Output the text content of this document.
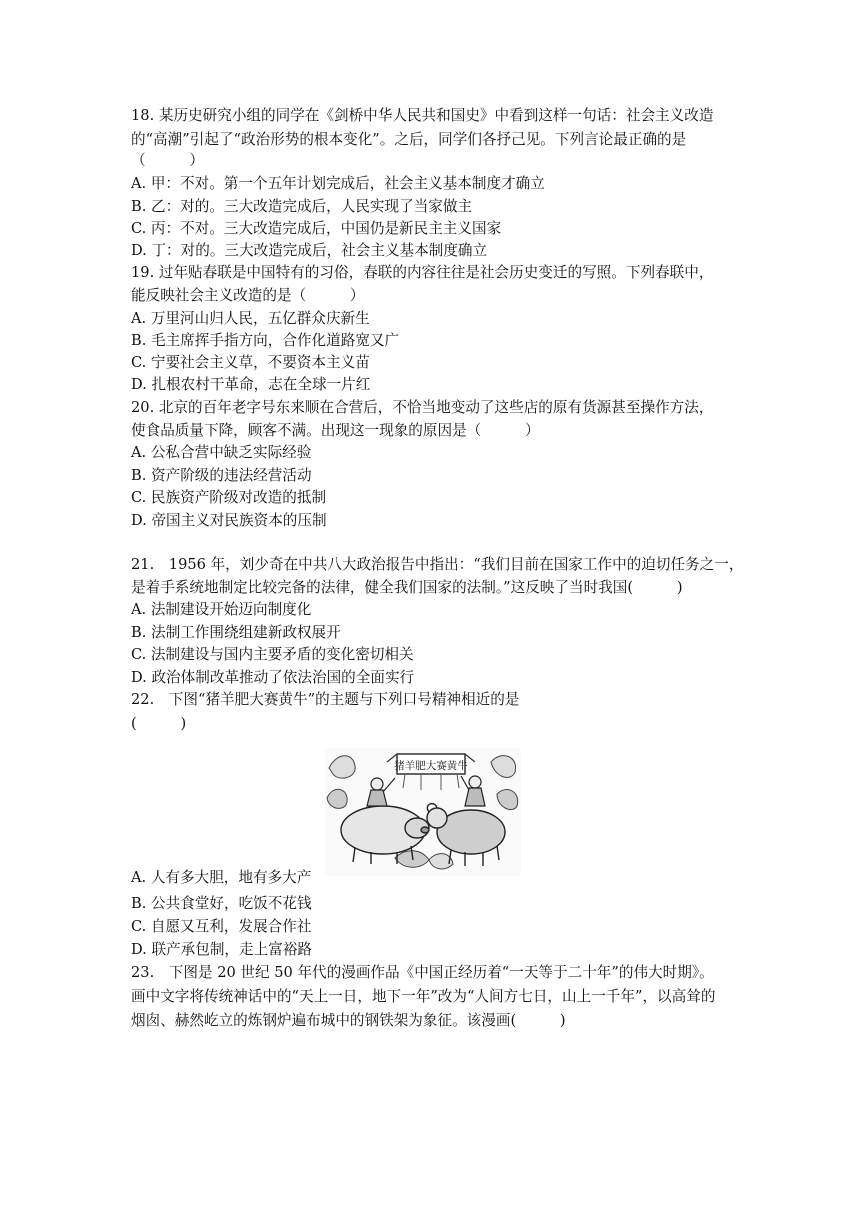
18. 某历史研究小组的同学在《剑桥中华人民共和国史》中看到这样一句话：社会主义改造
的“高潮”引起了“政治形势的根本变化”。之后，同学们各抒己见。下列言论最正确的是
（　　　）
A. 甲：不对。第一个五年计划完成后，社会主义基本制度才确立
B. 乙：对的。三大改造完成后，人民实现了当家做主
C. 丙：不对。三大改造完成后，中国仍是新民主主义国家
D. 丁：对的。三大改造完成后，社会主义基本制度确立
19. 过年贴春联是中国特有的习俗，春联的内容往往是社会历史变迁的写照。下列春联中，
能反映社会主义改造的是（　　　）
A. 万里河山归人民，五亿群众庆新生
B. 毛主席挥手指方向，合作化道路宽又广
C. 宁要社会主义草，不要资本主义苗
D. 扎根农村干革命，志在全球一片红
20. 北京的百年老字号东来顺在合营后，不恰当地变动了这些店的原有货源甚至操作方法，
使食品质量下降，顾客不满。出现这一现象的原因是（　　　）
A. 公私合营中缺乏实际经验
B. 资产阶级的违法经营活动
C. 民族资产阶级对改造的抵制
D. 帝国主义对民族资本的压制
21.　1956 年，刘少奇在中共八大政治报告中指出：“我们目前在国家工作中的迫切任务之一，
是着手系统地制定比较完备的法律，健全我们国家的法制。”这反映了当时我国(　　　)
A. 法制建设开始迈向制度化
B. 法制工作围绕组建新政权展开
C. 法制建设与国内主要矛盾的变化密切相关
D. 政治体制改革推动了依法治国的全面实行
22.　下图“猪羊肥大赛黄牛”的主题与下列口号精神相近的是
(　　　)
猪羊肥大赛黄牛
A. 人有多大胆，地有多大产
B. 公共食堂好，吃饭不花钱
C. 自愿又互利，发展合作社
D. 联产承包制，走上富裕路
23.　下图是 20 世纪 50 年代的漫画作品《中国正经历着“一天等于二十年”的伟大时期》。
画中文字将传统神话中的“天上一日，地下一年”改为“人间方七日，山上一千年”，以高耸的
烟囱、赫然屹立的炼钢炉遍布城中的钢铁架为象征。该漫画(　　　)
